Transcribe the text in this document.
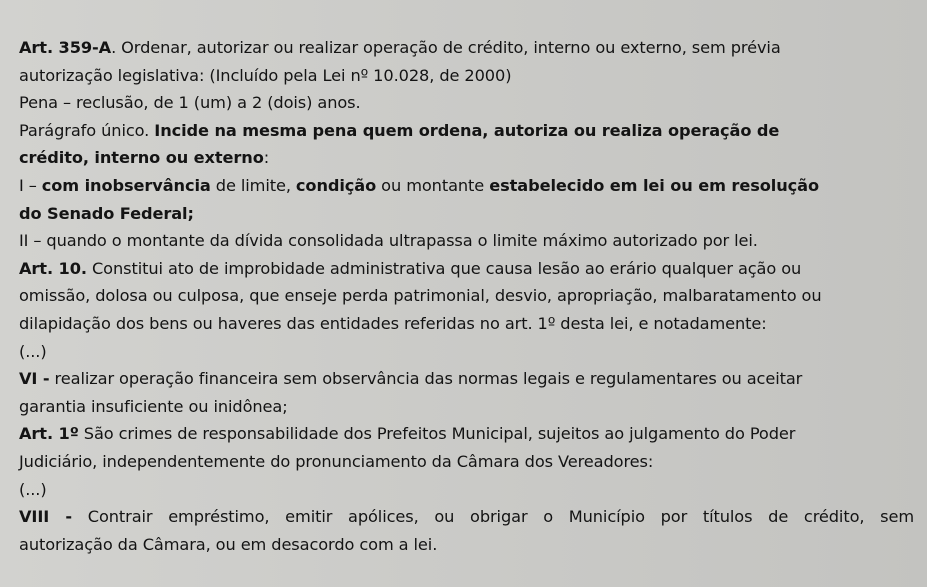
Art. 359-A. Ordenar, autorizar ou realizar operação de crédito, interno ou externo, sem prévia
autorização legislativa: (Incluído pela Lei nº 10.028, de 2000)
Pena – reclusão, de 1 (um) a 2 (dois) anos.
Parágrafo único. Incide na mesma pena quem ordena, autoriza ou realiza operação de
crédito, interno ou externo:
I – com inobservância de limite, condição ou montante estabelecido em lei ou em resolução
do Senado Federal;
II – quando o montante da dívida consolidada ultrapassa o limite máximo autorizado por lei.
Art. 10. Constitui ato de improbidade administrativa que causa lesão ao erário qualquer ação ou
omissão, dolosa ou culposa, que enseje perda patrimonial, desvio, apropriação, malbaratamento ou
dilapidação dos bens ou haveres das entidades referidas no art. 1º desta lei, e notadamente:
(...)
VI - realizar operação financeira sem observância das normas legais e regulamentares ou aceitar
garantia insuficiente ou inidônea;
Art. 1º São crimes de responsabilidade dos Prefeitos Municipal, sujeitos ao julgamento do Poder
Judiciário, independentemente do pronunciamento da Câmara dos Vereadores:
(...)
VIII - Contrair empréstimo, emitir apólices, ou obrigar o Município por títulos de crédito, sem
autorização da Câmara, ou em desacordo com a lei.
